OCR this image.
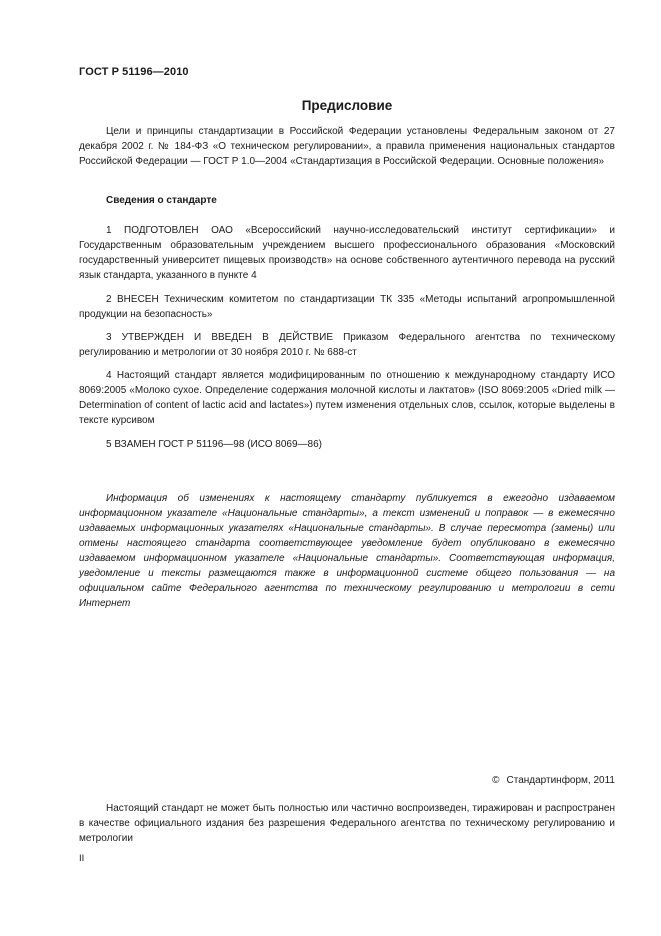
ГОСТ Р 51196—2010
Предисловие

Цели и принципы стандартизации в Российской Федерации установлены Федеральным законом от 27 декабря 2002 г. № 184-ФЗ «О техническом регулировании», а правила применения национальных стандартов Российской Федерации — ГОСТ Р 1.0—2004 «Стандартизация в Российской Федерации. Основные положения»

Сведения о стандарте

1 ПОДГОТОВЛЕН ОАО «Всероссийский научно-исследовательский институт сертификации» и Государственным образовательным учреждением высшего профессионального образования «Московский государственный университет пищевых производств» на основе собственного аутентичного перевода на русский язык стандарта, указанного в пункте 4

2 ВНЕСЕН Техническим комитетом по стандартизации ТК 335 «Методы испытаний агропромышленной продукции на безопасность»

3 УТВЕРЖДЕН И ВВЕДЕН В ДЕЙСТВИЕ Приказом Федерального агентства по техническому регулированию и метрологии от 30 ноября 2010 г. № 688-ст

4 Настоящий стандарт является модифицированным по отношению к международному стандарту ИСО 8069:2005 «Молоко сухое. Определение содержания молочной кислоты и лактатов» (ISO 8069:2005 «Dried milk — Determination of content of lactic acid and lactates») путем изменения отдельных слов, ссылок, которые выделены в тексте курсивом

5 ВЗАМЕН ГОСТ Р 51196—98 (ИСО 8069—86)

Информация об изменениях к настоящему стандарту публикуется в ежегодно издаваемом информационном указателе «Национальные стандарты», а текст изменений и поправок — в ежемесячно издаваемых информационных указателях «Национальные стандарты». В случае пересмотра (замены) или отмены настоящего стандарта соответствующее уведомление будет опубликовано в ежемесячно издаваемом информационном указателе «Национальные стандарты». Соответствующая информация, уведомление и тексты размещаются также в информационной системе общего пользования — на официальном сайте Федерального агентства по техническому регулированию и метрологии в сети Интернет

© Стандартинформ, 2011

Настоящий стандарт не может быть полностью или частично воспроизведен, тиражирован и распространен в качестве официального издания без разрешения Федерального агентства по техническому регулированию и метрологии

II
